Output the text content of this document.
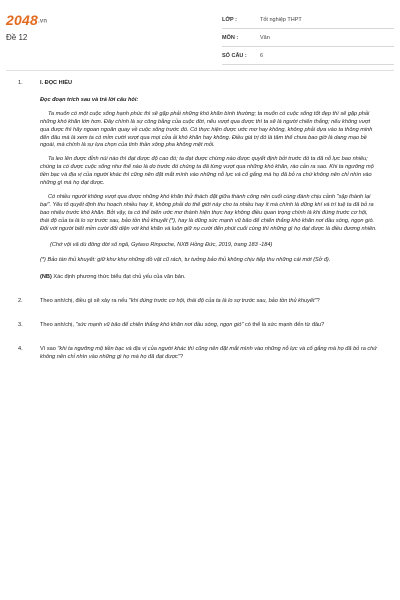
2048.vn
Đề 12
LỚP :	Tốt nghiệp THPT
MÔN :	Văn
SỐ CÂU :	6
1.	I. ĐỌC HIỂU
Đọc đoạn trích sau và trả lời câu hỏi:
Ta muốn có một cuộc sống hạnh phúc thì sẽ gặp phải những khó khăn bình thường; ta muốn có cuộc sống tốt đẹp thì sẽ gặp phải những khó khăn lớn hơn. Đây chính là sự công bằng của cuộc đời, nếu vượt qua được thì ta sẽ là người chiến thắng; nếu không vượt qua được thì hãy ngoan ngoãn quay về cuộc sống trước đó. Có thực hiện được ước mơ hay không, không phải dựa vào ta thông minh đến đâu mà là xem ta có mỉm cười vượt qua mọi cửa ải khó khăn hay không. Điều giá trị đó là tâm thế chưa bao giờ là dang mạo bề ngoài, mà chính là sự lựa chọn của tinh thần xông pha không mệt mỏi.
Ta leo lên được đỉnh núi nào thì đạt được độ cao đó; ta đạt được chừng nào được quyết định bởi trước đó ta đã nỗ lực bao nhiêu; chúng ta có được cuộc sống như thế nào là do trước đó chúng ta đã từng vượt qua những khó khăn, rào cản ra sao. Khi ta ngưỡng mộ tiền bạc và địa vị của người khác thì cũng nên đặt mắt mình vào những nỗ lực và cố gắng mà họ đã bỏ ra chứ không nên chỉ nhìn vào những gì mà họ đạt được.
Có nhiều người không vượt qua được những khó khăn thử thách đặt giữa thành công nên cuối cùng đành chịu cảnh "sập thành lại bại". Yếu tố quyết định thu hoạch nhiều hay ít, không phải do thế giới này cho ta nhiều hay ít mà chính là dũng khí và trí tuệ ta đã bỏ ra bao nhiêu trước khó khăn. Bởi vậy, ta có thể biến ước mơ thành hiện thực hay không điều quan trọng chính là khi đứng trước cơ hội, thái độ của ta là lo sợ trước sau, bảo tồn thủ khuyết (*), hay là dũng sức mạnh vũ bão để chiến thắng khó khăn nơi đầu sóng, ngọn gió. Đối với người biết mỉm cười đối diện với khó khăn và luôn giữ nụ cười đến phút cuối cùng thì những gì họ đạt được là điều đương nhiên.
(Chớ vội vã dù đông đời số ngã, Gytaso Rinpoche, NXB Hồng Đức, 2019, trang 183 -184)
(*) Bảo tàn thủ khuyết: giữ khư khư những đồ vật cũ rách, tư tưởng bảo thủ không chịu tiếp thu những cái mới (Sở đ).
(NB) Xác định phương thức biểu đạt chủ yếu của văn bản.
2.	Theo anh/chị, điều gì sẽ xảy ra nếu "khi đứng trước cơ hội, thái độ của ta là lo sợ trước sau, bảo tồn thủ khuyết"?
3.	Theo anh/chị, "sức mạnh vũ bão để chiến thắng khó khăn nơi đầu sóng, ngọn gió" có thể là sức mạnh đến từ đâu?
4.	Vì sao "khi ta ngưỡng mộ tiền bạc và địa vị của người khác thì cũng nên đặt mắt mình vào những nỗ lực và cố gắng mà họ đã bỏ ra chứ không nên chỉ nhìn vào những gì họ mà họ đã đạt được"?
